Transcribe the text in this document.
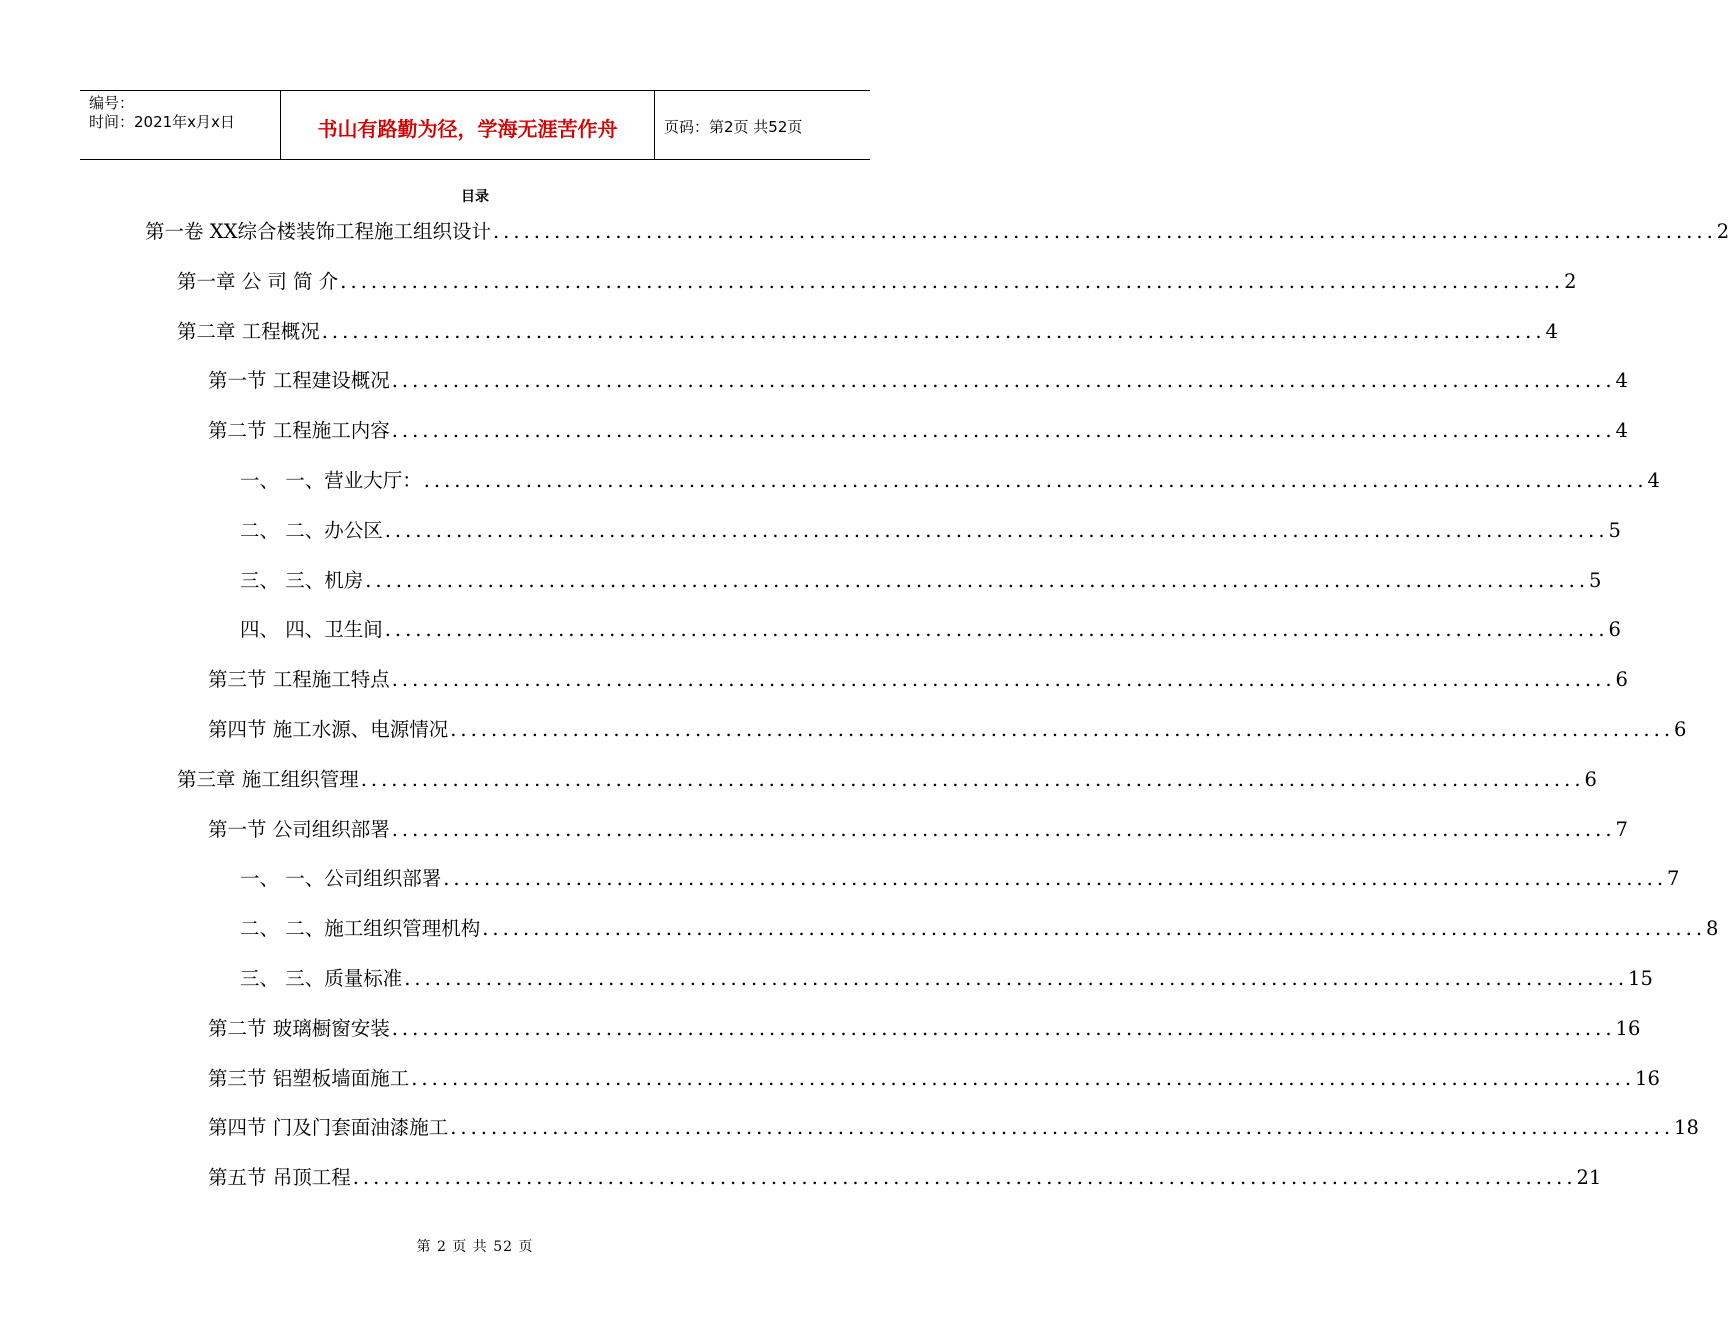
编号：
时间：2021年x月x日	书山有路勤为径，学海无涯苦作舟	页码：第2页 共52页
目录
第一卷 XX综合楼装饰工程施工组织设计 ........................................................................................................................ 2
第一章 公 司 简 介 ........................................................................................................................ 2
第二章 工程概况 ........................................................................................................................ 4
第一节 工程建设概况 ........................................................................................................................ 4
第二节 工程施工内容 ........................................................................................................................ 4
一、 一、营业大厅： ........................................................................................................................ 4
二、 二、办公区 ........................................................................................................................ 5
三、 三、机房 ........................................................................................................................ 5
四、 四、卫生间 ........................................................................................................................ 6
第三节 工程施工特点 ........................................................................................................................ 6
第四节 施工水源、电源情况 ........................................................................................................................ 6
第三章 施工组织管理 ........................................................................................................................ 6
第一节 公司组织部署 ........................................................................................................................ 7
一、 一、公司组织部署 ........................................................................................................................ 7
二、 二、施工组织管理机构 ........................................................................................................................ 8
三、 三、质量标准 ........................................................................................................................ 15
第二节 玻璃橱窗安装 ........................................................................................................................ 16
第三节 铝塑板墙面施工 ........................................................................................................................ 16
第四节 门及门套面油漆施工 ........................................................................................................................ 18
第五节 吊顶工程 ........................................................................................................................ 21
第 2 页 共 52 页
